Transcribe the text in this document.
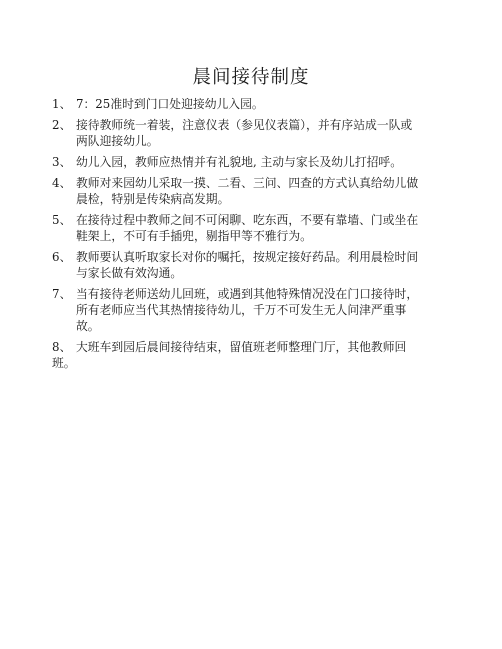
晨间接待制度
1、 7：25准时到门口处迎接幼儿入园。
2、 接待教师统一着装，注意仪表（参见仪表篇），并有序站成一队或
两队迎接幼儿。
3、 幼儿入园，教师应热情并有礼貌地, 主动与家长及幼儿打招呼。
4、 教师对来园幼儿采取一摸、二看、三问、四查的方式认真给幼儿做
晨检，特别是传染病高发期。
5、 在接待过程中教师之间不可闲聊、吃东西，不要有靠墙、门或坐在
鞋架上，不可有手插兜，剔指甲等不雅行为。
6、 教师要认真听取家长对你的嘱托，按规定接好药品。利用晨检时间
与家长做有效沟通。
7、 当有接待老师送幼儿回班，或遇到其他特殊情况没在门口接待时，
所有老师应当代其热情接待幼儿，千万不可发生无人问津严重事
故。
8、 大班车到园后晨间接待结束，留值班老师整理门厅，其他教师回
班。
